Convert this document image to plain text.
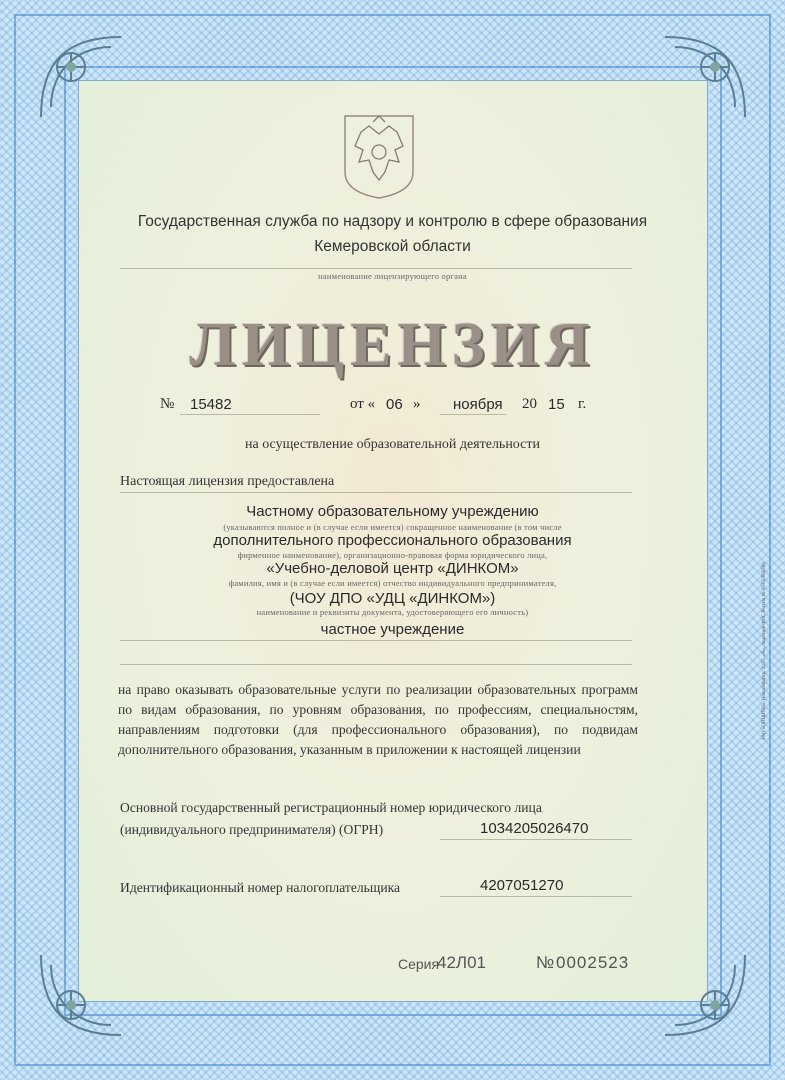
Государственная служба по надзору и контролю в сфере образования
Кемеровской области
наименование лицензирующего органа
ЛИЦЕНЗИЯ
№ 15482	от « 06 » ноября 20 15 г.
на осуществление образовательной деятельности
Настоящая лицензия предоставлена
Частному образовательному учреждению
(указываются полное и (в случае если имеется) сокращенное наименование (в том числе
дополнительного профессионального образования
фирменное наименование), организационно-правовая форма юридического лица,
«Учебно-деловой центр «ДИНКОМ»
фамилия, имя и (в случае если имеется) отчество индивидуального предпринимателя,
(ЧОУ ДПО «УДЦ «ДИНКОМ»)
наименование и реквизиты документа, удостоверяющего его личность)
частное учреждение
на право оказывать образовательные услуги по реализации образовательных программ по видам образования, по уровням образования, по профессиям, специальностям, направлениям подготовки (для профессионального образования), по подвидам дополнительного образования, указанным в приложении к настоящей лицензии
Основной государственный регистрационный номер юридического лица
(индивидуального предпринимателя) (ОГРН)	1034205026470
Идентификационный номер налогоплательщика	4207051270
Серия
42Л01	№ 0002523
ЗАО «ОПЦИОН», Новосибирск, 2015, «А», лицензия ФНС России № 05-05/000569
